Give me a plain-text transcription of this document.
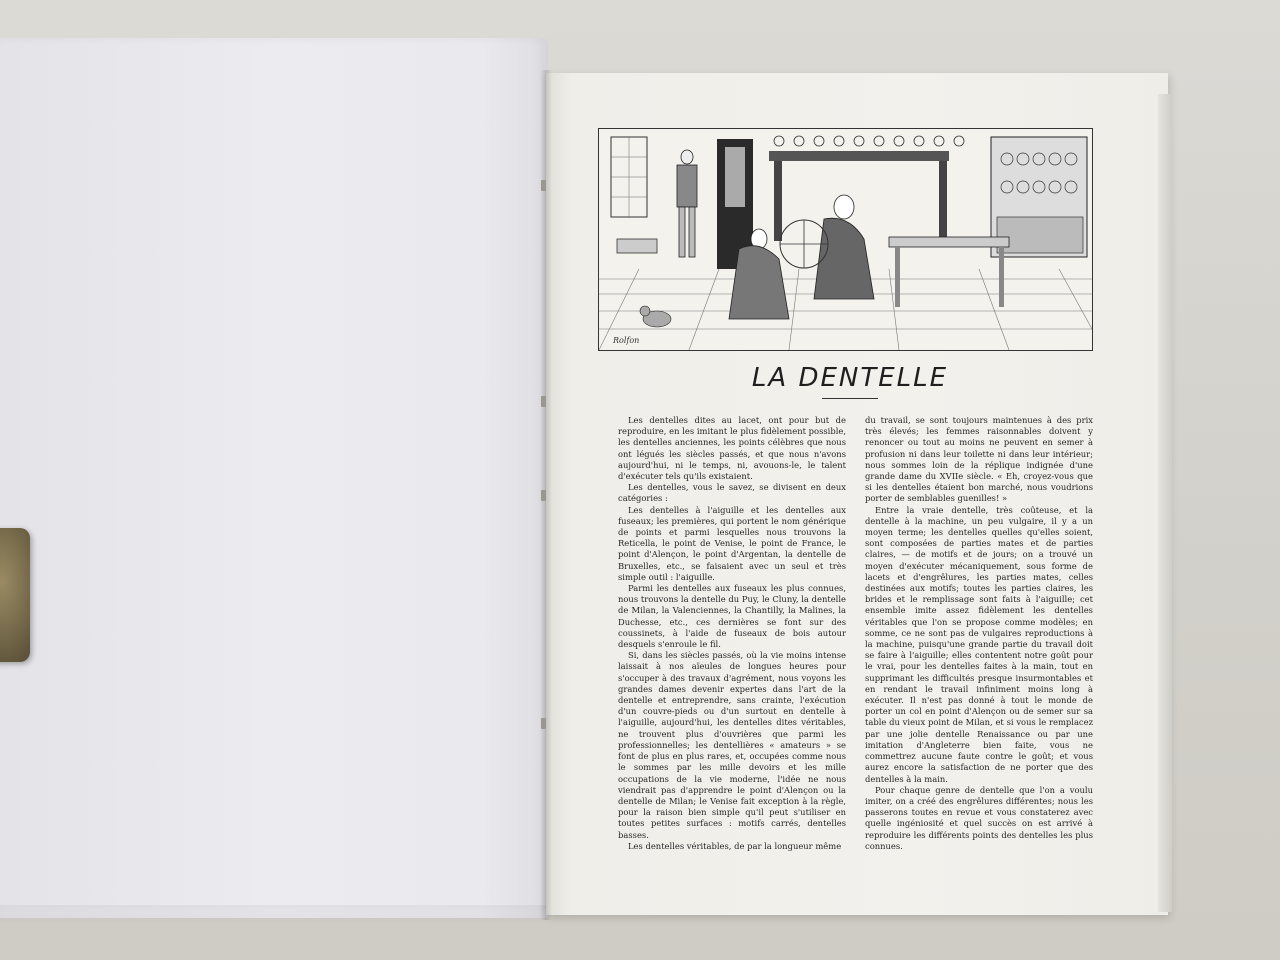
Rolfon
LA DENTELLE

Les dentelles dites au lacet, ont pour but de reproduire, en les imitant le plus fidèlement possible, les dentelles anciennes, les points célèbres que nous ont légués les siècles passés, et que nous n'avons aujourd'hui, ni le temps, ni, avouons-le, le talent d'exécuter tels qu'ils existaient.

Les dentelles, vous le savez, se divisent en deux catégories :

Les dentelles à l'aiguille et les dentelles aux fuseaux; les premières, qui portent le nom générique de points et parmi lesquelles nous trouvons la Reticella, le point de Venise, le point de France, le point d'Alençon, le point d'Argentan, la dentelle de Bruxelles, etc., se faisaient avec un seul et très simple outil : l'aiguille.

Parmi les dentelles aux fuseaux les plus connues, nous trouvons la dentelle du Puy, le Cluny, la dentelle de Milan, la Valenciennes, la Chantilly, la Malines, la Duchesse, etc., ces dernières se font sur des coussinets, à l'aide de fuseaux de bois autour desquels s'enroule le fil.

Si, dans les siècles passés, où la vie moins intense laissait à nos aïeules de longues heures pour s'occuper à des travaux d'agrément, nous voyons les grandes dames devenir expertes dans l'art de la dentelle et entreprendre, sans crainte, l'exécution d'un couvre-pieds ou d'un surtout en dentelle à l'aiguille, aujourd'hui, les dentelles dites véritables, ne trouvent plus d'ouvrières que parmi les professionnelles; les dentellières « amateurs » se font de plus en plus rares, et, occupées comme nous le sommes par les mille devoirs et les mille occupations de la vie moderne, l'idée ne nous viendrait pas d'apprendre le point d'Alençon ou la dentelle de Milan; le Venise fait exception à la règle, pour la raison bien simple qu'il peut s'utiliser en toutes petites surfaces : motifs carrés, dentelles basses.

Les dentelles véritables, de par la longueur même

du travail, se sont toujours maintenues à des prix très élevés; les femmes raisonnables doivent y renoncer ou tout au moins ne peuvent en semer à profusion ni dans leur toilette ni dans leur intérieur; nous sommes loin de la réplique indignée d'une grande dame du XVIIe siècle. « Eh, croyez-vous que si les dentelles étaient bon marché, nous voudrions porter de semblables guenilles! »

Entre la vraie dentelle, très coûteuse, et la dentelle à la machine, un peu vulgaire, il y a un moyen terme; les dentelles quelles qu'elles soient, sont composées de parties mates et de parties claires, — de motifs et de jours; on a trouvé un moyen d'exécuter mécaniquement, sous forme de lacets et d'engrêlures, les parties mates, celles destinées aux motifs; toutes les parties claires, les brides et le remplissage sont faits à l'aiguille; cet ensemble imite assez fidèlement les dentelles véritables que l'on se propose comme modèles; en somme, ce ne sont pas de vulgaires reproductions à la machine, puisqu'une grande partie du travail doit se faire à l'aiguille; elles contentent notre goût pour le vrai, pour les dentelles faites à la main, tout en supprimant les difficultés presque insurmontables et en rendant le travail infiniment moins long à exécuter. Il n'est pas donné à tout le monde de porter un col en point d'Alençon ou de semer sur sa table du vieux point de Milan, et si vous le remplacez par une jolie dentelle Renaissance ou par une imitation d'Angleterre bien faite, vous ne commettrez aucune faute contre le goût; et vous aurez encore la satisfaction de ne porter que des dentelles à la main.

Pour chaque genre de dentelle que l'on a voulu imiter, on a créé des engrêlures différentes; nous les passerons toutes en revue et vous constaterez avec quelle ingéniosité et quel succès on est arrivé à reproduire les différents points des dentelles les plus connues.
